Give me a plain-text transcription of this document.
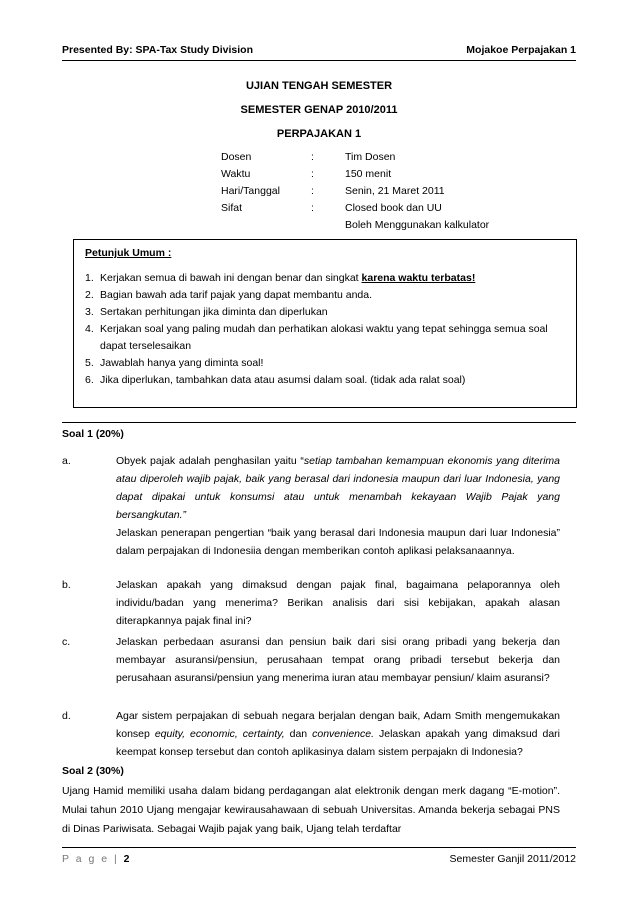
Presented By: SPA-Tax Study Division	Mojakoe Perpajakan 1
UJIAN TENGAH SEMESTER
SEMESTER GENAP 2010/2011
PERPAJAKAN 1
Dosen	:	Tim Dosen
Waktu	:	150 menit
Hari/Tanggal	:	Senin, 21 Maret 2011
Sifat	:	Closed book dan UU
Boleh Menggunakan kalkulator
Petunjuk Umum :
1. Kerjakan semua di bawah ini dengan benar dan singkat karena waktu terbatas!
2. Bagian bawah ada tarif pajak yang dapat membantu anda.
3. Sertakan perhitungan jika diminta dan diperlukan
4. Kerjakan soal yang paling mudah dan perhatikan alokasi waktu yang tepat sehingga semua soal dapat terselesaikan
5. Jawablah hanya yang diminta soal!
6. Jika diperlukan, tambahkan data atau asumsi dalam soal. (tidak ada ralat soal)
Soal 1 (20%)
a.	Obyek pajak adalah penghasilan yaitu “setiap tambahan kemampuan ekonomis yang diterima atau diperoleh wajib pajak, baik yang berasal dari indonesia maupun dari luar Indonesia, yang dapat dipakai untuk konsumsi atau untuk menambah kekayaan Wajib Pajak yang bersangkutan.”
Jelaskan penerapan pengertian “baik yang berasal dari Indonesia maupun dari luar Indonesia” dalam perpajakan di Indonesiia dengan memberikan contoh aplikasi pelaksanaannya.
b.	Jelaskan apakah yang dimaksud dengan pajak final, bagaimana pelaporannya oleh individu/badan yang menerima? Berikan analisis dari sisi kebijakan, apakah alasan diterapkannya pajak final ini?
c.	Jelaskan perbedaan asuransi dan pensiun baik dari sisi orang pribadi yang bekerja dan membayar asuransi/pensiun, perusahaan tempat orang pribadi tersebut bekerja dan perusahaan asuransi/pensiun yang menerima iuran atau membayar pensiun/ klaim asuransi?
d.	Agar sistem perpajakan di sebuah negara berjalan dengan baik, Adam Smith mengemukakan konsep equity, economic, certainty, dan convenience. Jelaskan apakah yang dimaksud dari keempat konsep tersebut dan contoh aplikasinya dalam sistem perpajakn di Indonesia?
Soal 2 (30%)
Ujang Hamid memiliki usaha dalam bidang perdagangan alat elektronik dengan merk dagang “E-motion”. Mulai tahun 2010 Ujang mengajar kewirausahawaan di sebuah Universitas. Amanda bekerja sebagai PNS di Dinas Pariwisata. Sebagai Wajib pajak yang baik, Ujang telah terdaftar
P a g e | 2	Semester Ganjil 2011/2012
